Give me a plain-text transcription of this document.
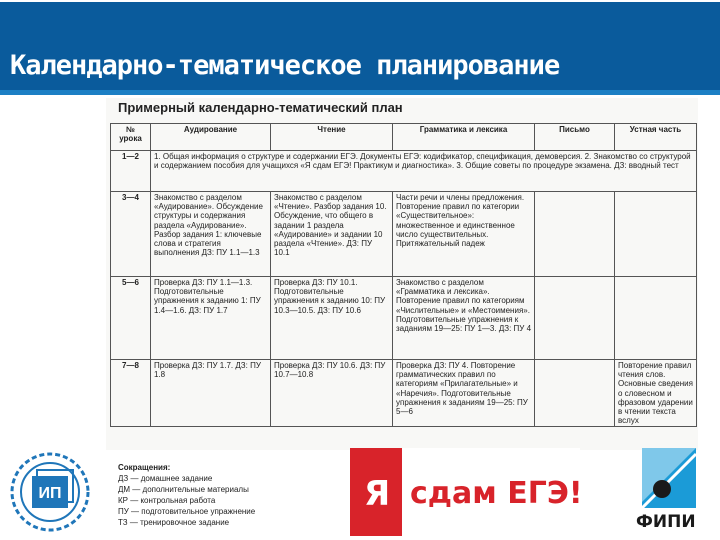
Календарно-тематическое планирование
Примерный календарно-тематический план
№ урока	Аудирование	Чтение	Грамматика и лексика	Письмо	Устная часть
1—2	1. Общая информация о структуре и содержании ЕГЭ. Документы ЕГЭ: кодификатор, спецификация, демоверсия. 2. Знакомство со структурой и содержанием пособия для учащихся «Я сдам ЕГЭ! Практикум и диагностика». 3. Общие советы по процедуре экзамена. ДЗ: вводный тест				
3—4	Знакомство с разделом «Аудирование». Обсуждение структуры и содержания раздела «Аудирование». Разбор задания 1: ключевые слова и стратегия выполнения ДЗ: ПУ 1.1—1.3	Знакомство с разделом «Чтение». Разбор задания 10. Обсуждение, что общего в задании 1 раздела «Аудирование» и задании 10 раздела «Чтение». ДЗ: ПУ 10.1	Части речи и члены предложения. Повторение правил по категории «Существительное»: множественное и единственное число существительных. Притяжательный падеж		
5—6	Проверка ДЗ: ПУ 1.1—1.3. Подготовительные упражнения к заданию 1: ПУ 1.4—1.6. ДЗ: ПУ 1.7	Проверка ДЗ: ПУ 10.1. Подготовительные упражнения к заданию 10: ПУ 10.3—10.5. ДЗ: ПУ 10.6	Знакомство с разделом «Грамматика и лексика». Повторение правил по категориям «Числительные» и «Местоимения». Подготовительные упражнения к заданиям 19—25: ПУ 1—3. ДЗ: ПУ 4		
7—8	Проверка ДЗ: ПУ 1.7. ДЗ: ПУ 1.8	Проверка ДЗ: ПУ 10.6. ДЗ: ПУ 10.7—10.8	Проверка ДЗ: ПУ 4. Повторение грамматических правил по категориям «Прилагательные» и «Наречия». Подготовительные упражнения к заданиям 19—25: ПУ 5—6		Повторение правил чтения слов. Основные сведения о словесном и фразовом ударении в чтении текста вслух
Сокращения:
ДЗ — домашнее задание
ДМ — дополнительные материалы
КР — контрольная работа
ПУ — подготовительное упражнение
ТЗ — тренировочное задание
ИП	Я сдам ЕГЭ!
ФИПИ
